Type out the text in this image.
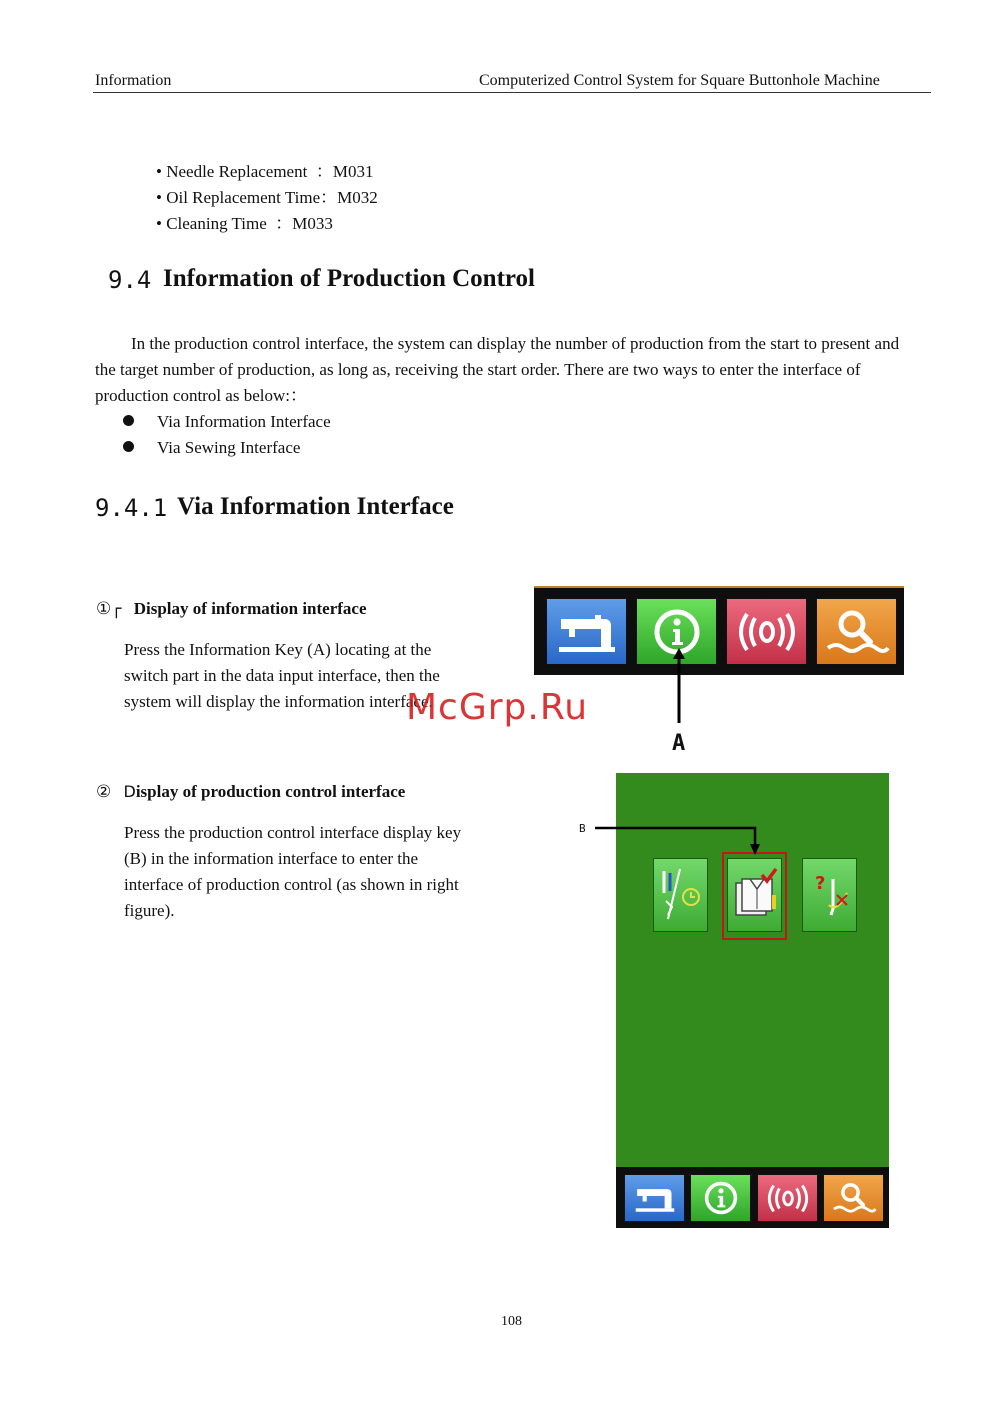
Information	Computerized Control System for Square Buttonhole Machine
• Needle Replacement  ：M031
• Oil Replacement Time：M032
• Cleaning Time  ：M033
9.4 Information of Production Control
In the production control interface, the system can display the number of production from the start to present and
the target number of production, as long as, receiving the start order. There are two ways to enter the interface of
production control as below:：
Via Information Interface
Via Sewing Interface
9.4.1 Via Information Interface
①┌ Display of information interface
Press the Information Key (A) locating at the
switch part in the data input interface, then the
system will display the information interface.
② Display of production control interface
Press the production control interface display key
(B) in the information interface to enter the
interface of production control (as shown in right
figure).
A
?
B
McGrp.Ru
108
